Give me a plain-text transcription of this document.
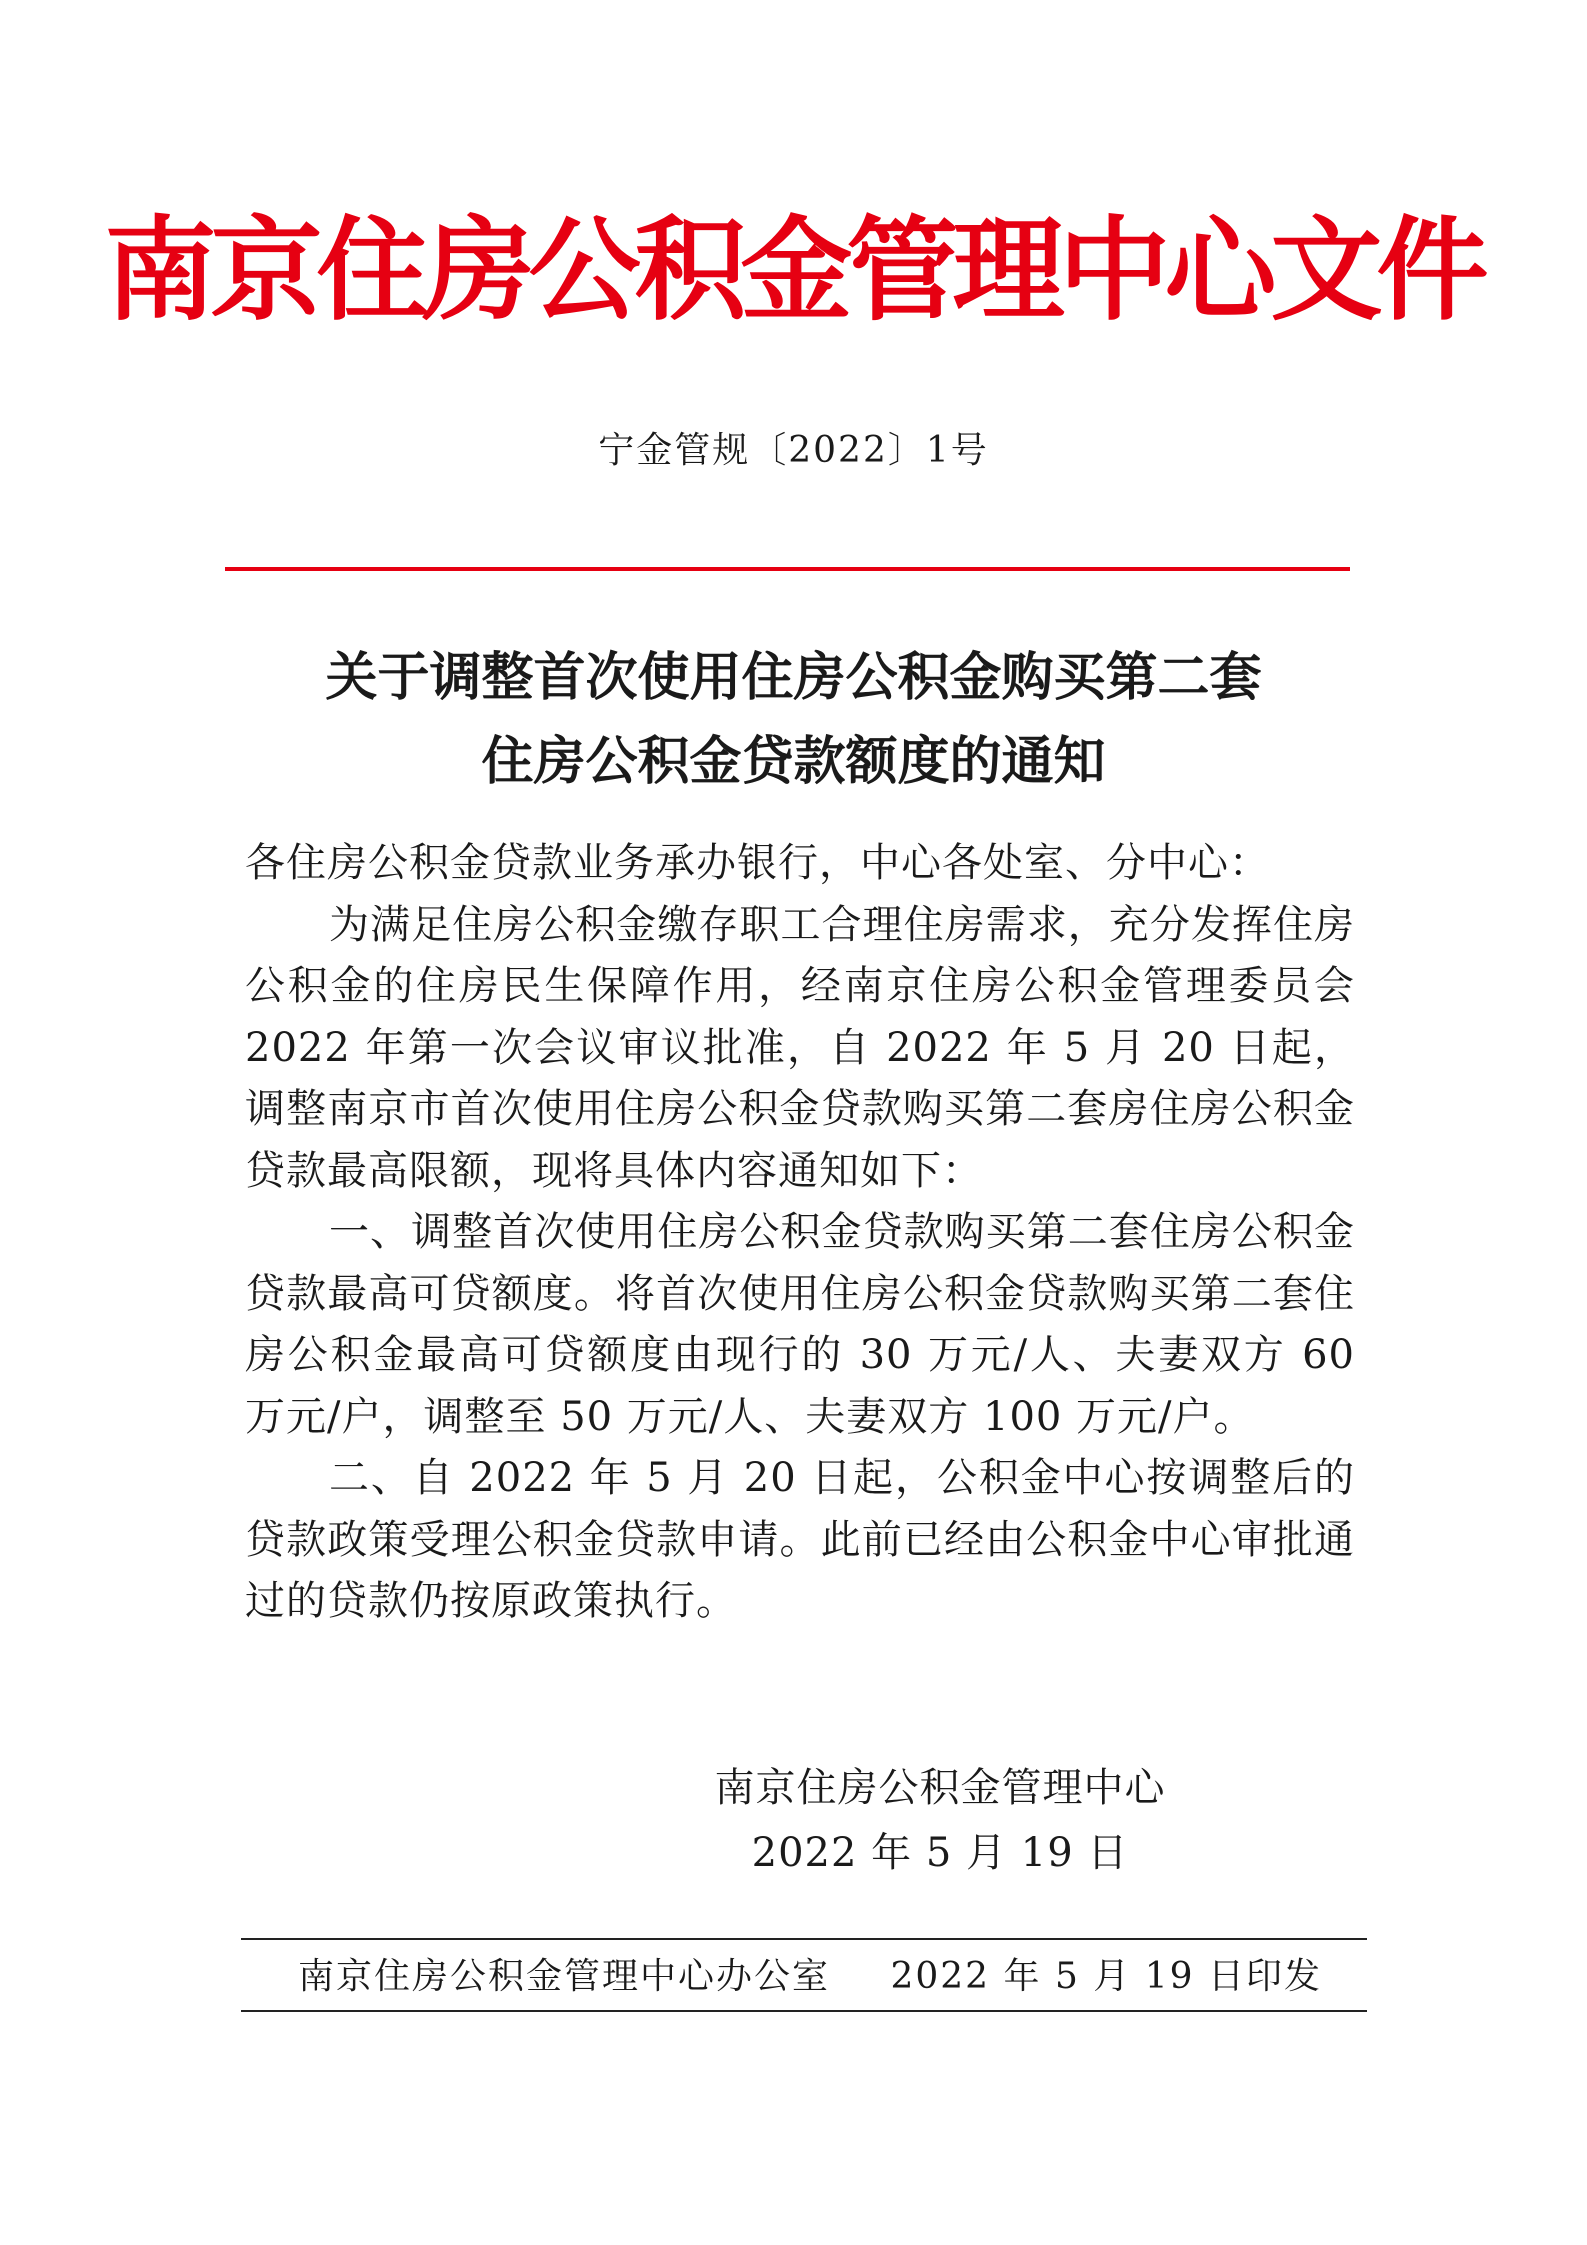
南京住房公积金管理中心文件
宁金管规〔2022〕1号
关于调整首次使用住房公积金购买第二套
住房公积金贷款额度的通知

各住房公积金贷款业务承办银行，中心各处室、分中心：

为满足住房公积金缴存职工合理住房需求，充分发挥住房公积金的住房民生保障作用，经南京住房公积金管理委员会 2022 年第一次会议审议批准，自 2022 年 5 月 20 日起，调整南京市首次使用住房公积金贷款购买第二套房住房公积金贷款最高限额，现将具体内容通知如下：

一、调整首次使用住房公积金贷款购买第二套住房公积金贷款最高可贷额度。将首次使用住房公积金贷款购买第二套住房公积金最高可贷额度由现行的 30 万元/人、夫妻双方 60 万元/户，调整至 50 万元/人、夫妻双方 100 万元/户。

二、自 2022 年 5 月 20 日起，公积金中心按调整后的贷款政策受理公积金贷款申请。此前已经由公积金中心审批通过的贷款仍按原政策执行。

南京住房公积金管理中心
2022 年 5 月 19 日
南京住房公积金管理中心办公室 2022 年 5 月 19 日印发
